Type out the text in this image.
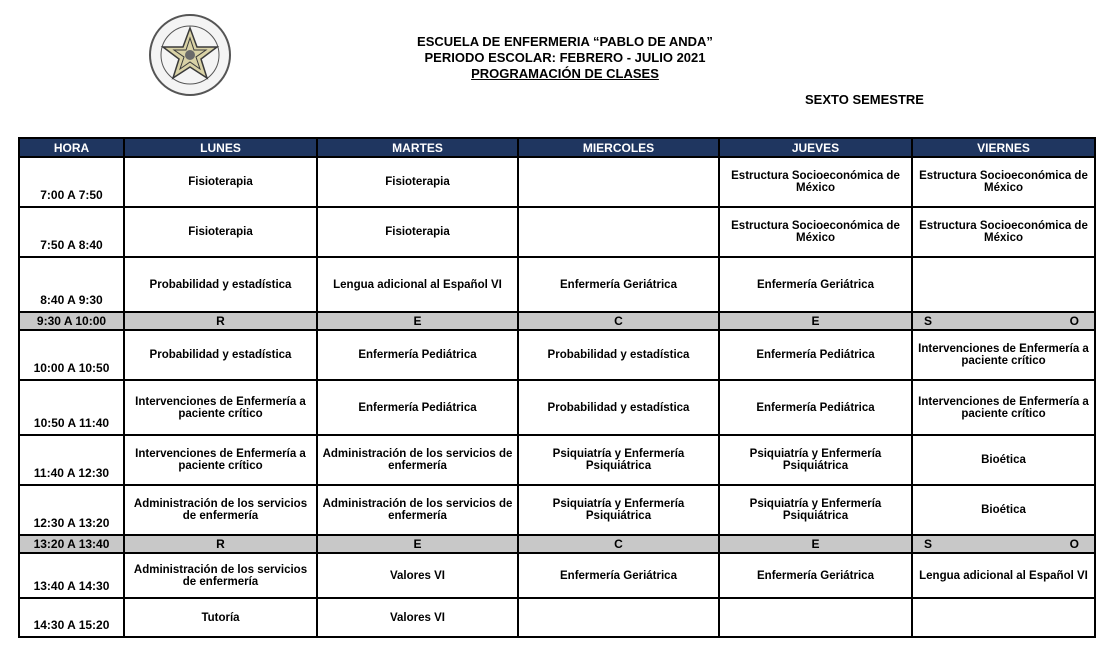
ESCUELA DE ENFERMERIA “PABLO DE ANDA”
PERIODO ESCOLAR: FEBRERO - JULIO 2021
PROGRAMACIÓN DE CLASES
SEXTO SEMESTRE
HORA	LUNES	MARTES	MIERCOLES	JUEVES	VIERNES
7:00 A 7:50	Fisioterapia	Fisioterapia		Estructura Socioeconómica de México	Estructura Socioeconómica de México
7:50 A 8:40	Fisioterapia	Fisioterapia		Estructura Socioeconómica de México	Estructura Socioeconómica de México
8:40 A 9:30	Probabilidad y estadística	Lengua adicional al Español VI	Enfermería Geriátrica	Enfermería Geriátrica	
9:30 A 10:00	R	E	C	E	S O

10:00 A 10:50	Probabilidad y estadística	Enfermería Pediátrica	Probabilidad y estadística	Enfermería Pediátrica	Intervenciones de Enfermería a paciente crítico
10:50 A 11:40	Intervenciones de Enfermería a paciente crítico	Enfermería Pediátrica	Probabilidad y estadística	Enfermería Pediátrica	Intervenciones de Enfermería a paciente crítico
11:40 A 12:30	Intervenciones de Enfermería a paciente crítico	Administración de los servicios de enfermería	Psiquiatría y Enfermería Psiquiátrica	Psiquiatría y Enfermería Psiquiátrica	Bioética
12:30 A 13:20	Administración de los servicios de enfermería	Administración de los servicios de enfermería	Psiquiatría y Enfermería Psiquiátrica	Psiquiatría y Enfermería Psiquiátrica	Bioética
13:20 A 13:40	R	E	C	E	S O

13:40 A 14:30	Administración de los servicios de enfermería	Valores VI	Enfermería Geriátrica	Enfermería Geriátrica	Lengua adicional al Español VI
14:30 A 15:20	Tutoría	Valores VI			
